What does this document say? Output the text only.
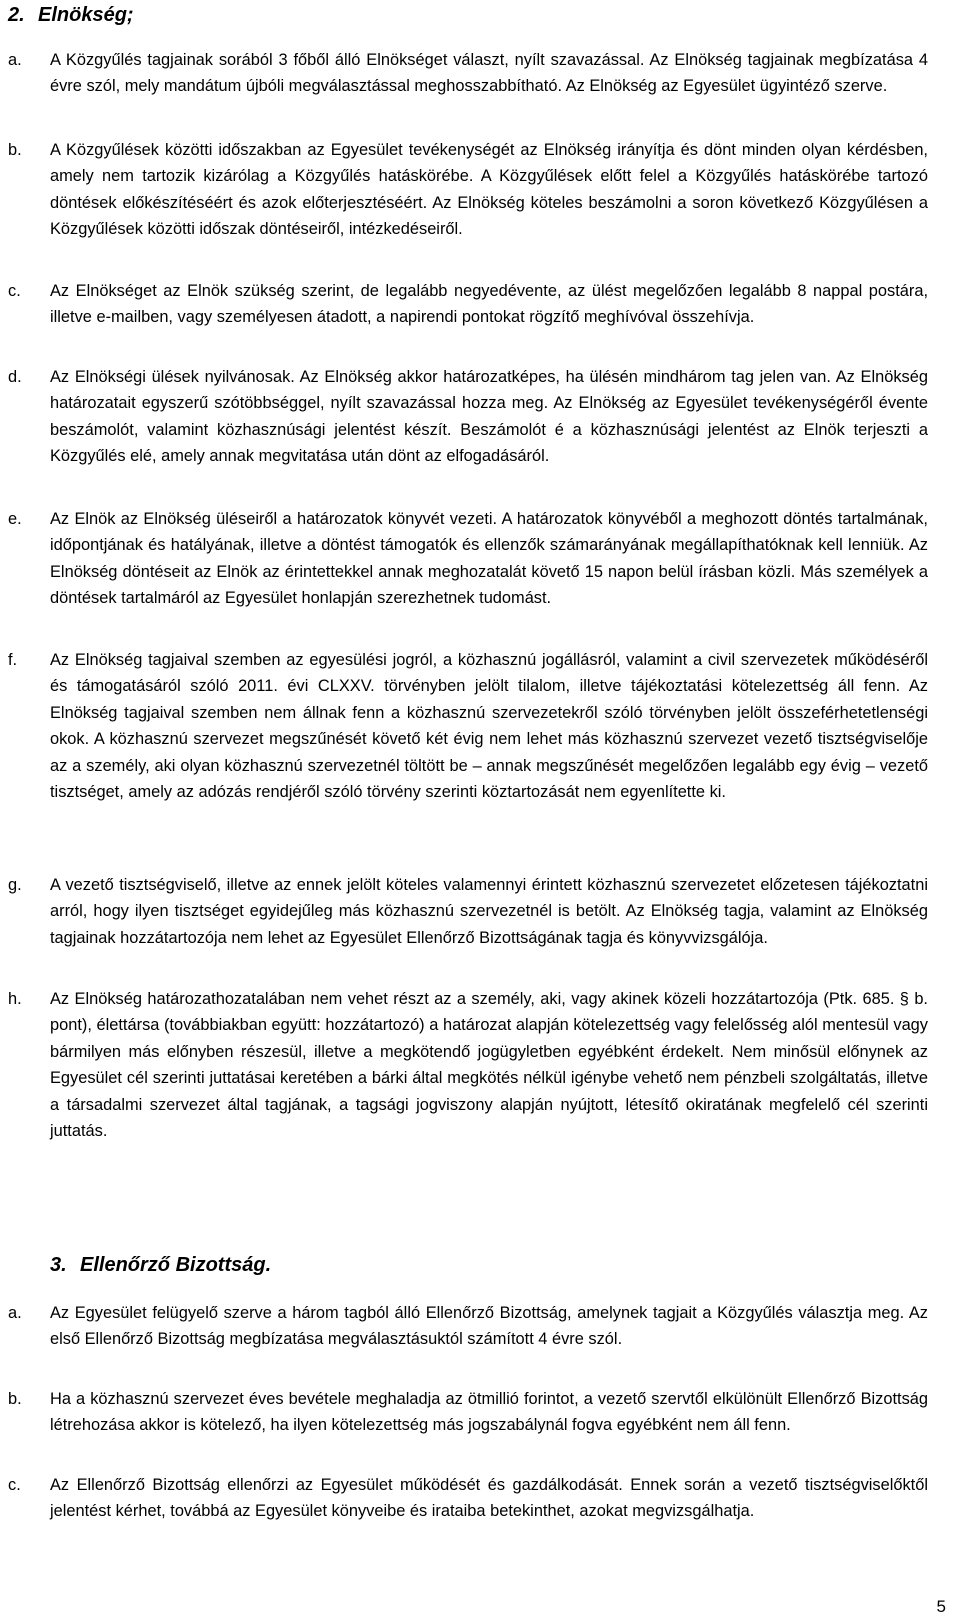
2. Elnökség;
a.	A Közgyűlés tagjainak sorából 3 főből álló Elnökséget választ, nyílt szavazással. Az Elnökség tagjainak megbízatása 4 évre szól, mely mandátum újbóli megválasztással meghosszabbítható. Az Elnökség az Egyesület ügyintéző szerve.
b.	A Közgyűlések közötti időszakban az Egyesület tevékenységét az Elnökség irányítja és dönt minden olyan kérdésben, amely nem tartozik kizárólag a Közgyűlés hatáskörébe. A Közgyűlések előtt felel a Közgyűlés hatáskörébe tartozó döntések előkészítéséért és azok előterjesztéséért. Az Elnökség köteles beszámolni a soron következő Közgyűlésen a Közgyűlések közötti időszak döntéseiről, intézkedéseiről.
c.	Az Elnökséget az Elnök szükség szerint, de legalább negyedévente, az ülést megelőzően legalább 8 nappal postára, illetve e-mailben, vagy személyesen átadott, a napirendi pontokat rögzítő meghívóval összehívja.
d.	Az Elnökségi ülések nyilvánosak. Az Elnökség akkor határozatképes, ha ülésén mindhárom tag jelen van. Az Elnökség határozatait egyszerű szótöbbséggel, nyílt szavazással hozza meg. Az Elnökség az Egyesület tevékenységéről évente beszámolót, valamint közhasznúsági jelentést készít. Beszámolót é a közhasznúsági jelentést az Elnök terjeszti a Közgyűlés elé, amely annak megvitatása után dönt az elfogadásáról.
e.	Az Elnök az Elnökség üléseiről a határozatok könyvét vezeti. A határozatok könyvéből a meghozott döntés tartalmának, időpontjának és hatályának, illetve a döntést támogatók és ellenzők számarányának megállapíthatóknak kell lenniük. Az Elnökség döntéseit az Elnök az érintettekkel annak meghozatalát követő 15 napon belül írásban közli. Más személyek a döntések tartalmáról az Egyesület honlapján szerezhetnek tudomást.
f.	Az Elnökség tagjaival szemben az egyesülési jogról, a közhasznú jogállásról, valamint a civil szervezetek működéséről és támogatásáról szóló 2011. évi CLXXV. törvényben jelölt tilalom, illetve tájékoztatási kötelezettség áll fenn. Az Elnökség tagjaival szemben nem állnak fenn a közhasznú szervezetekről szóló törvényben jelölt összeférhetetlenségi okok. A közhasznú szervezet megszűnését követő két évig nem lehet más közhasznú szervezet vezető tisztségviselője az a személy, aki olyan közhasznú szervezetnél töltött be – annak megszűnését megelőzően legalább egy évig – vezető tisztséget, amely az adózás rendjéről szóló törvény szerinti köztartozását nem egyenlítette ki.
g.	A vezető tisztségviselő, illetve az ennek jelölt köteles valamennyi érintett közhasznú szervezetet előzetesen tájékoztatni arról, hogy ilyen tisztséget egyidejűleg más közhasznú szervezetnél is betölt. Az Elnökség tagja, valamint az Elnökség tagjainak hozzátartozója nem lehet az Egyesület Ellenőrző Bizottságának tagja és könyvvizsgálója.
h.	Az Elnökség határozathozatalában nem vehet részt az a személy, aki, vagy akinek közeli hozzátartozója (Ptk. 685. § b. pont), élettársa (továbbiakban együtt: hozzátartozó) a határozat alapján kötelezettség vagy felelősség alól mentesül vagy bármilyen más előnyben részesül, illetve a megkötendő jogügyletben egyébként érdekelt. Nem minősül előnynek az Egyesület cél szerinti juttatásai keretében a bárki által megkötés nélkül igénybe vehető nem pénzbeli szolgáltatás, illetve a társadalmi szervezet által tagjának, a tagsági jogviszony alapján nyújtott, létesítő okiratának megfelelő cél szerinti juttatás.
3. Ellenőrző Bizottság.
a.	Az Egyesület felügyelő szerve a három tagból álló Ellenőrző Bizottság, amelynek tagjait a Közgyűlés választja meg. Az első Ellenőrző Bizottság megbízatása megválasztásuktól számított 4 évre szól.
b.	Ha a közhasznú szervezet éves bevétele meghaladja az ötmillió forintot, a vezető szervtől elkülönült Ellenőrző Bizottság létrehozása akkor is kötelező, ha ilyen kötelezettség más jogszabálynál fogva egyébként nem áll fenn.
c.	Az Ellenőrző Bizottság ellenőrzi az Egyesület működését és gazdálkodását. Ennek során a vezető tisztségviselőktől jelentést kérhet, továbbá az Egyesület könyveibe és irataiba betekinthet, azokat megvizsgálhatja.
5
